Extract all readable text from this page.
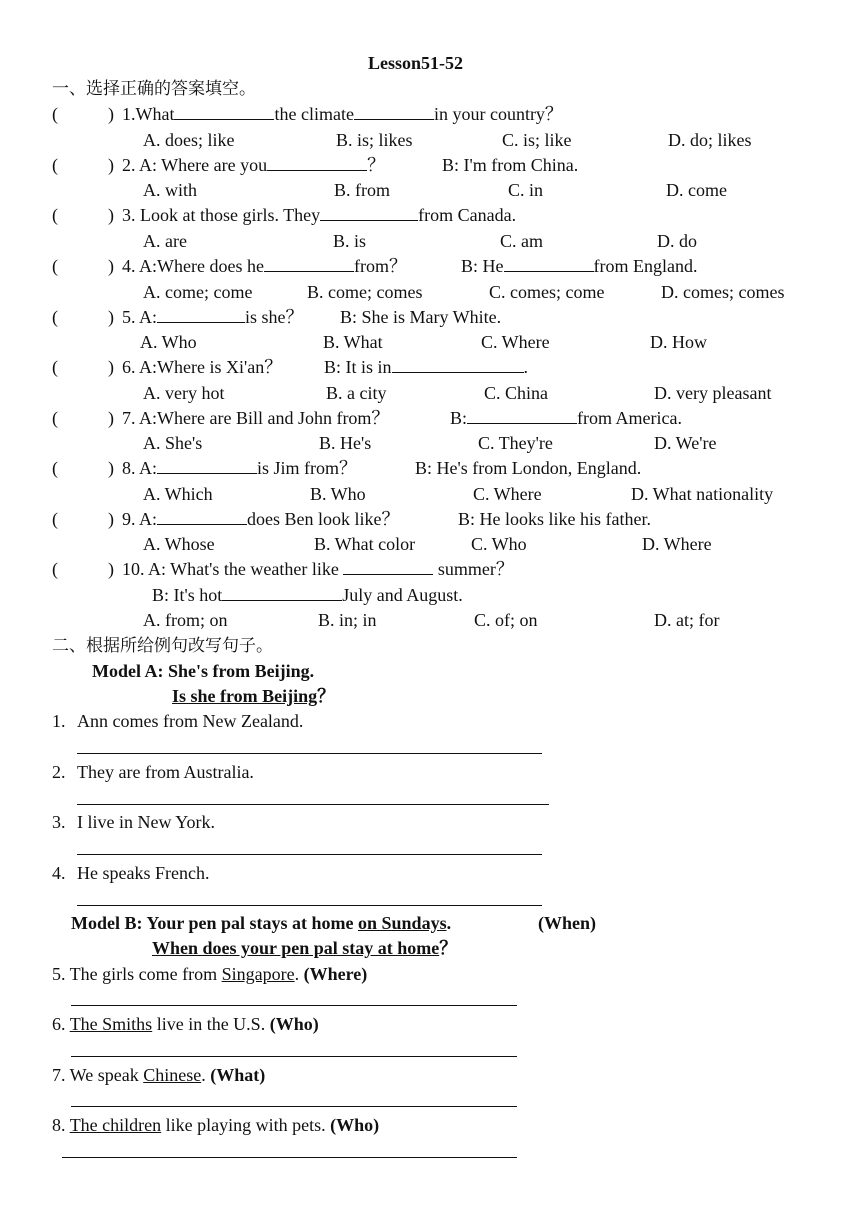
Lesson51-52
一、选择正确的答案填空。
(	) 1.What	the climate	in your country？
A. does; like	B. is; likes	C. is; like	D. do; likes
(	) 2. A: Where are you	？	B: I'm from China.
A. with	B. from	C. in	D. come
(	) 3. Look at those girls. They	from Canada.
A. are	B. is	C. am	D. do
(	) 4. A:Where does he	from？	B: He	from England.
A. come; come	B. come; comes	C. comes; come	D. comes; comes
(	) 5. A:	is she？ B: She is Mary White.
A. Who	B. What	C. Where	D. How
(	) 6. A:Where is Xi'an？ B: It is in	.
A. very hot	B. a city	C. China	D. very pleasant
(	) 7. A:Where are Bill and John from？	B:	from America.
A. She's	B. He's	C. They're	D. We're
(	) 8. A:	is Jim from？	B: He's from London, England.
A. Which	B. Who	C. Where	D. What nationality
(	) 9. A:	does Ben look like？	B: He looks like his father.
A. Whose	B. What color	C. Who	D. Where
(	) 10. A: What's the weather like	summer？
B: It's hot	July and August.
A. from; on	B. in; in	C. of; on	D. at; for
二、根据所给例句改写句子。
Model A: She's from Beijing.
Is she from Beijing？
1. Ann comes from New Zealand.
2. They are from Australia.
3. I live in New York.
4. He speaks French.
Model B: Your pen pal stays at home on Sundays.	(When)
When does your pen pal stay at home？
5. The girls come from Singapore. (Where)
6. The Smiths live in the U.S. (Who)
7. We speak Chinese. (What)
8. The children like playing with pets. (Who)
